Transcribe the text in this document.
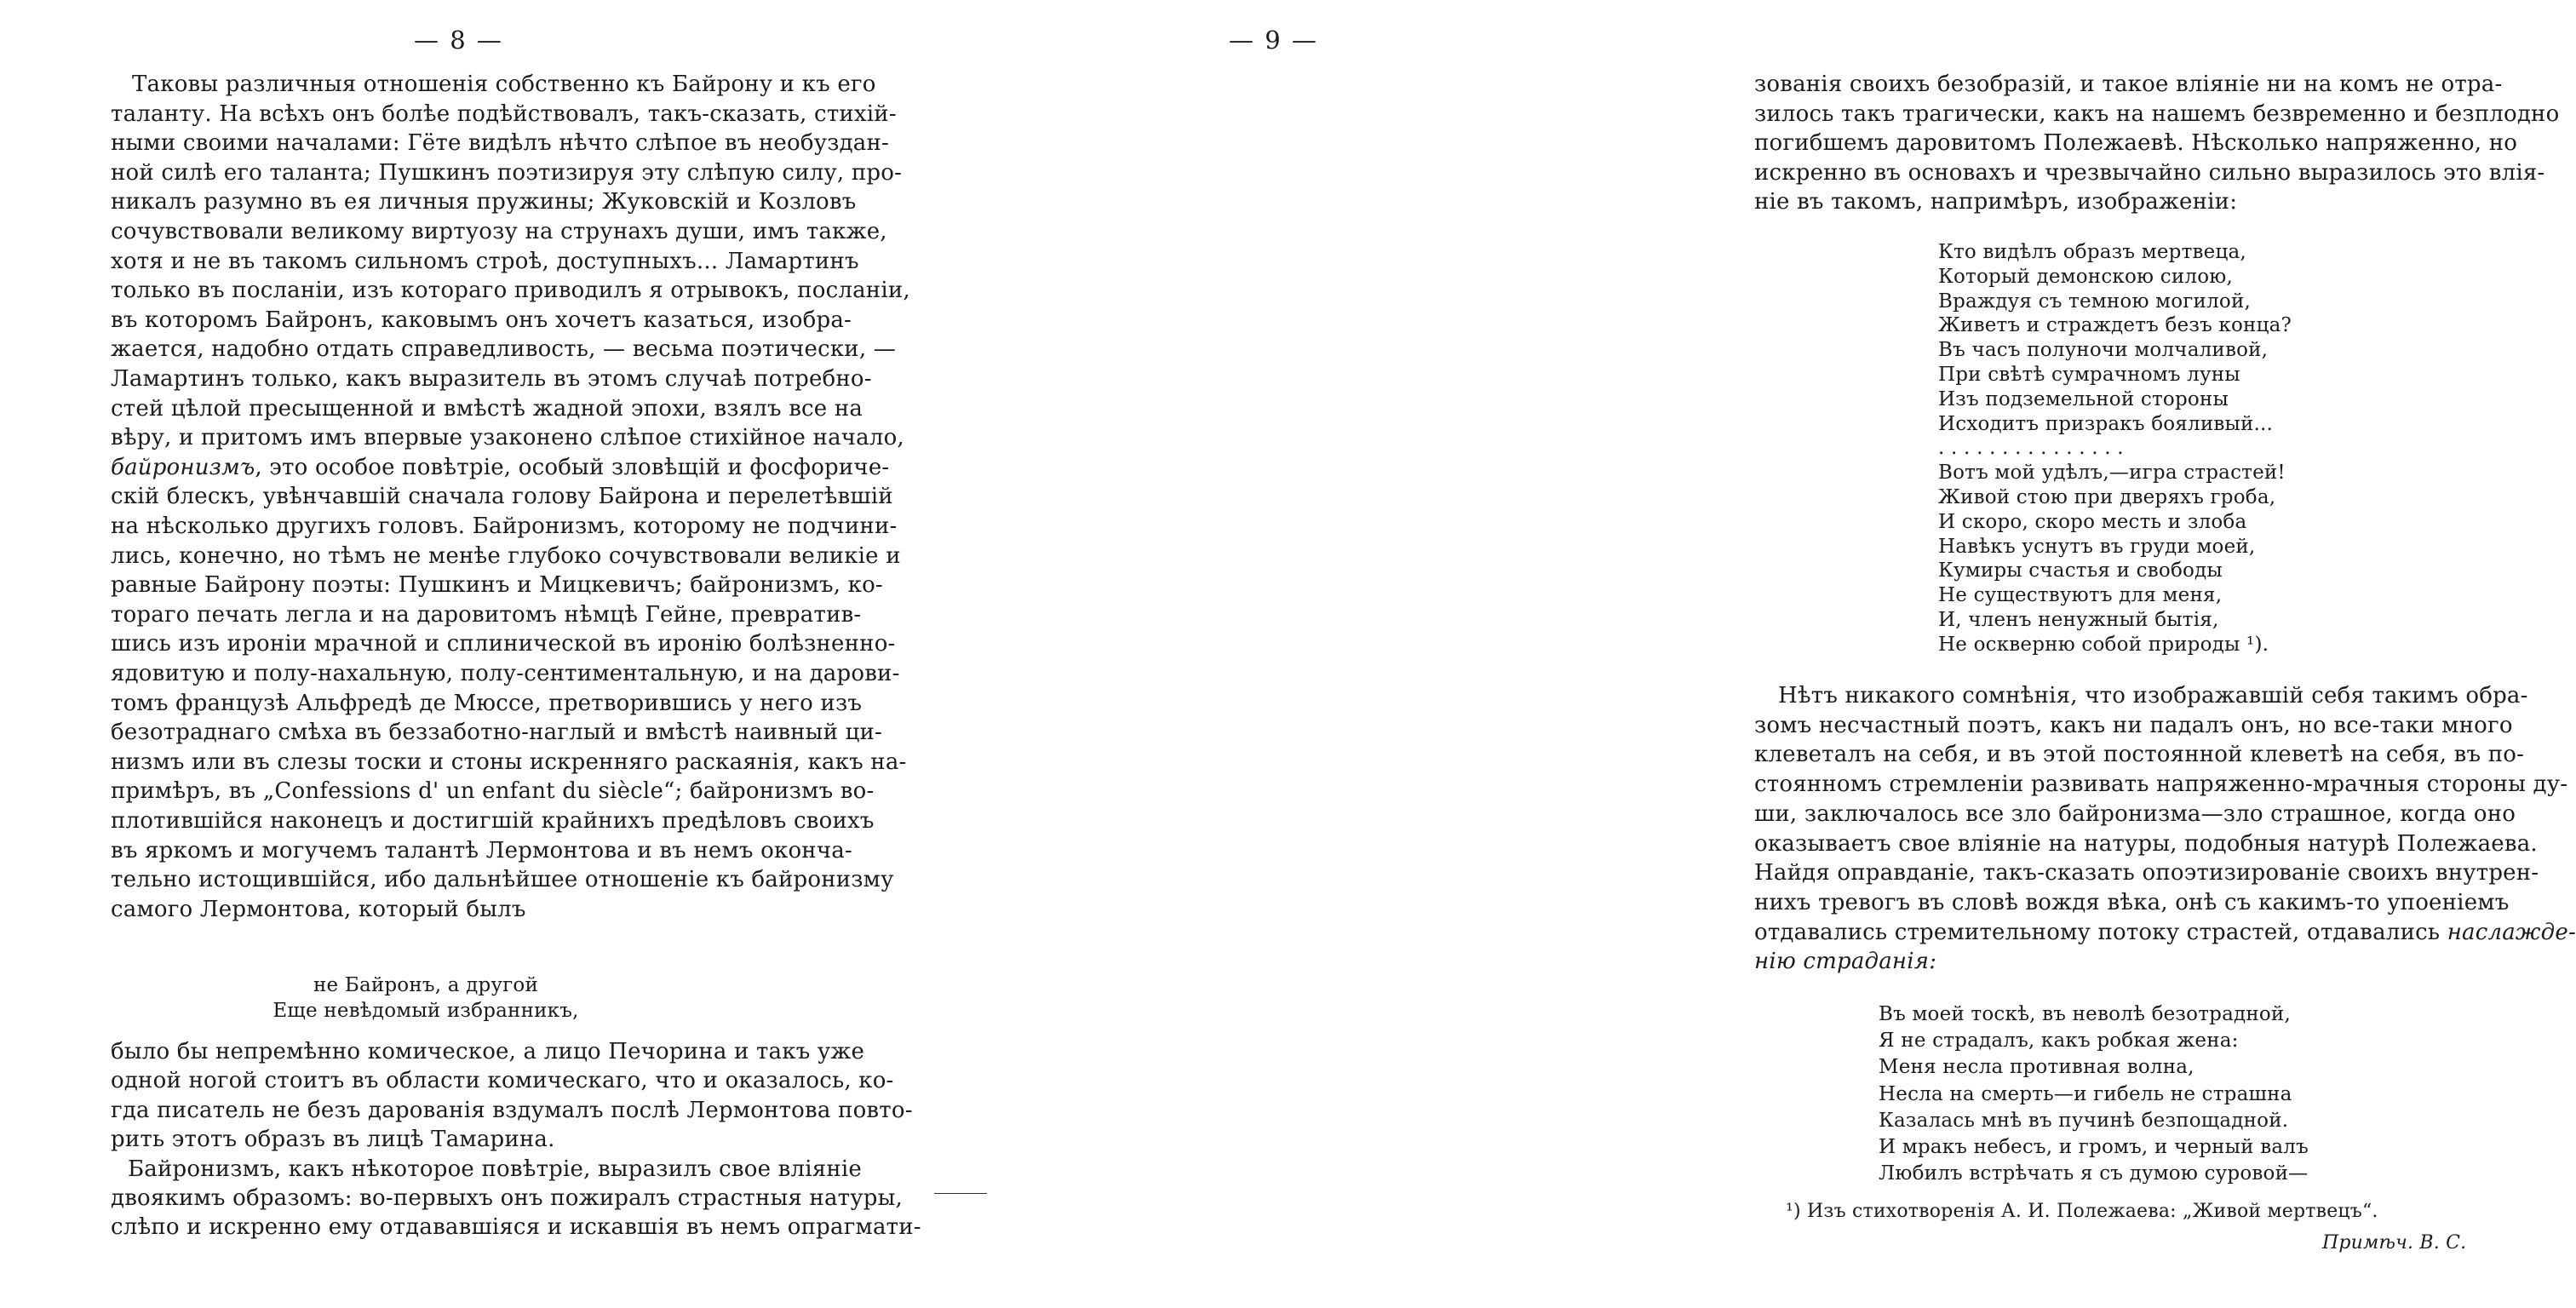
— 8 —
Таковы различныя отношенія собственно къ Байрону и къ его
таланту. На всѣхъ онъ болѣе подѣйствовалъ, такъ-сказать, стихій-
ными своими началами: Гёте видѣлъ нѣчто слѣпое въ необуздан-
ной силѣ его таланта; Пушкинъ поэтизируя эту слѣпую силу, про-
никалъ разумно въ ея личныя пружины; Жуковскій и Козловъ
сочувствовали великому виртуозу на струнахъ души, имъ также,
хотя и не въ такомъ сильномъ строѣ, доступныхъ... Ламартинъ
только въ посланіи, изъ котораго приводилъ я отрывокъ, посланіи,
въ которомъ Байронъ, каковымъ онъ хочетъ казаться, изобра-
жается, надобно отдать справедливость, — весьма поэтически, —
Ламартинъ только, какъ выразитель въ этомъ случаѣ потребно-
стей цѣлой пресыщенной и вмѣстѣ жадной эпохи, взялъ все на
вѣру, и притомъ имъ впервые узаконено слѣпое стихійное начало,
байронизмъ, это особое повѣтріе, особый зловѣщій и фосфориче-
скій блескъ, увѣнчавшій сначала голову Байрона и перелетѣвшій
на нѣсколько другихъ головъ. Байронизмъ, которому не подчини-
лись, конечно, но тѣмъ не менѣе глубоко сочувствовали великіе и
равные Байрону поэты: Пушкинъ и Мицкевичъ; байронизмъ, ко-
тораго печать легла и на даровитомъ нѣмцѣ Гейне, превратив-
шись изъ ироніи мрачной и сплиничeской въ иронію болѣзненно-
ядовитую и полу-нахальную, полу-сентиментальную, и на дарови-
томъ французѣ Альфредѣ де Мюссе, претворившись у него изъ
безотраднаго смѣха въ беззаботно-наглый и вмѣстѣ наивный ци-
низмъ или въ слезы тоски и стоны искренняго раскаянія, какъ на-
примѣръ, въ „Confessions d' un enfant du siècle“; байронизмъ во-
плотившійся наконецъ и достигшій крайнихъ предѣловъ своихъ
въ яркомъ и могучемъ талантѣ Лермонтова и въ немъ оконча-
тельно истощившійся, ибо дальнѣйшее отношеніе къ байронизму
самого Лермонтова, который былъ
не Байронъ, а другой
Еще невѣдомый избранникъ,
было бы непремѣнно комическое, а лицо Печорина и такъ уже
одной ногой стоитъ въ области комическаго, что и оказалось, ко-
гда писатель не безъ дарованія вздумалъ послѣ Лермонтова повто-
рить этотъ образъ въ лицѣ Тамарина.
Байронизмъ, какъ нѣкоторое повѣтріе, выразилъ свое вліяніе
двоякимъ образомъ: во-первыхъ онъ пожиралъ страстныя натуры,
слѣпо и искренно ему отдававшіяся и искавшія въ немъ опрагмати-
— 9 —
зованія своихъ безобразій, и такое вліяніе ни на комъ не отра-
зилось такъ трагически, какъ на нашемъ безвременно и безплодно
погибшемъ даровитомъ Полежаевѣ. Нѣсколько напряженно, но
искренно въ основахъ и чрезвычайно сильно выразилось это влія-
ніе въ такомъ, напримѣръ, изображеніи:
Кто видѣлъ образъ мертвеца,
Который демонскою силою,
Враждуя съ темною могилой,
Живетъ и страждетъ безъ конца?
Въ часъ полуночи молчаливой,
При свѣтѣ сумрачномъ луны
Изъ подземельной стороны
Исходитъ призракъ бояливый...
. . . . . . . . . . . . . . .
Вотъ мой удѣлъ,—игра страстей!
Живой стою при дверяхъ гроба,
И скоро, скоро месть и злоба
Навѣкъ уснутъ въ груди моей,
Кумиры счастья и свободы
Не существуютъ для меня,
И, членъ ненужный бытія,
Не оскверню собой природы ¹).
Нѣтъ никакого сомнѣнія, что изображавшій себя такимъ обра-
зомъ несчастный поэтъ, какъ ни падалъ онъ, но все-таки много
клеветалъ на себя, и въ этой постоянной клеветѣ на себя, въ по-
стоянномъ стремленіи развивать напряженно-мрачныя стороны ду-
ши, заключалось все зло байронизма—зло страшное, когда оно
оказываетъ свое вліяніе на натуры, подобныя натурѣ Полежаева.
Найдя оправданіе, такъ-сказать опоэтизированіе своихъ внутрен-
нихъ тревогъ въ словѣ вождя вѣка, онѣ съ какимъ-то упоеніемъ
отдавались стремительному потоку страстей, отдавались наслажде-
нію страданія:
Въ моей тоскѣ, въ неволѣ безотрадной,
Я не страдалъ, какъ робкая жена:
Меня несла противная волна,
Несла на смерть—и гибель не страшна
Казалась мнѣ въ пучинѣ безпощадной.
И мракъ небесъ, и громъ, и черный валъ
Любилъ встрѣчать я съ думою суровой—
¹) Изъ стихотворенія А. И. Полежаева: „Живой мертвецъ“.
Примѣч. В. С.
